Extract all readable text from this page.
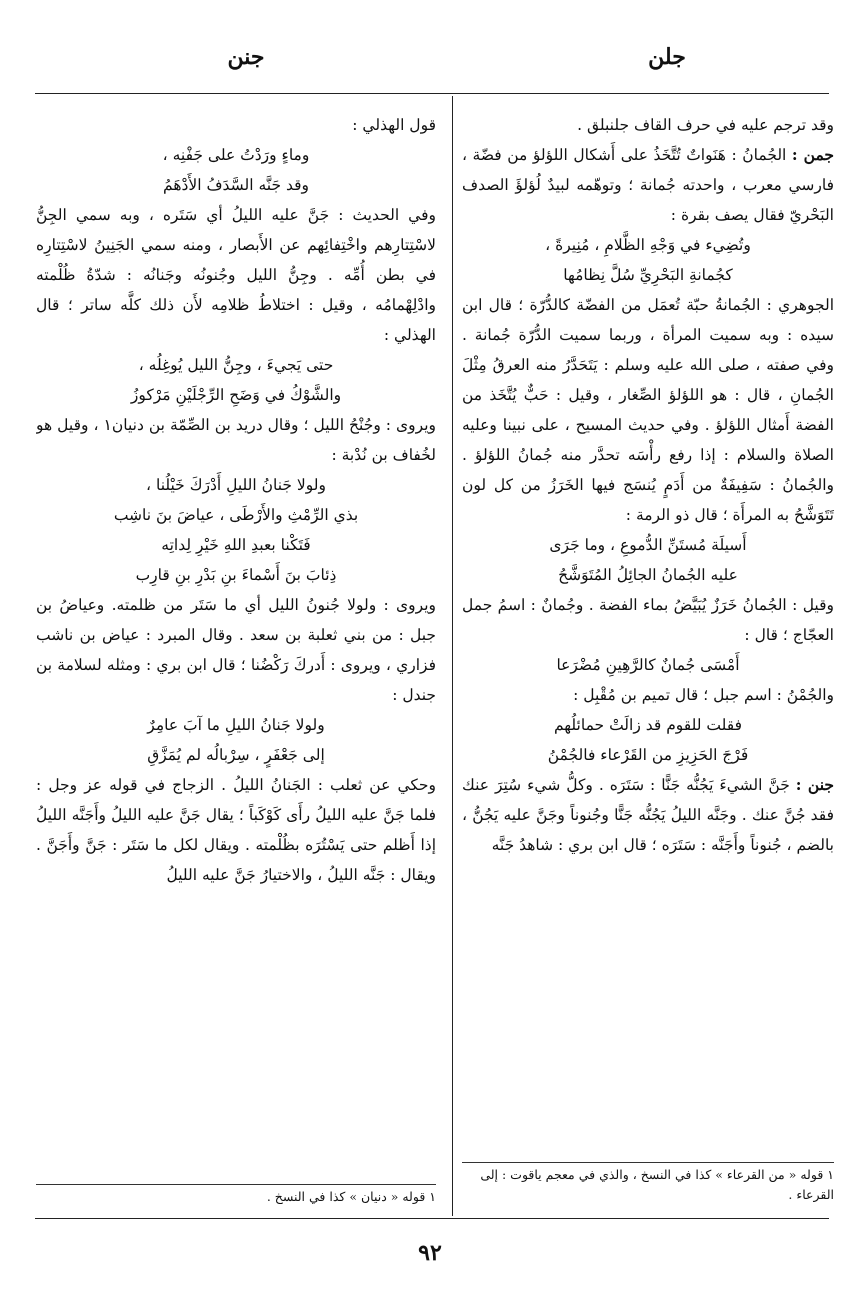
جلن
جنن

وقد ترجم عليه في حرف القاف جلنبلق .

جمن : الجُمانُ : هَنَواتٌ تُتَّخَذُ على أَشكال اللؤلؤ من فضّة ، فارسي معرب ، واحدته جُمانة ؛ وتوهّمه لبيدٌ لُؤلؤَ الصدف البَحْريّ فقال يصف بقرة :

وتُضِيء في وَجْهِ الظَّلامِ ، مُنِيرةً ،

كجُمانةِ البَحْرِيِّ سُلَّ نِظامُها

الجوهري : الجُمانةُ حبّة تُعمَل من الفضّة كالدُّرّة ؛ قال ابن سيده : وبه سميت المرأة ، وربما سميت الدُّرّة جُمانة . وفي صفته ، صلى الله عليه وسلم : يَتَحَدَّرُ منه العرقُ مِثْلَ الجُمانِ ، قال : هو اللؤلؤ الصِّغار ، وقيل : حَبٌّ يُتَّخَذ من الفضة أَمثال اللؤلؤ . وفي حديث المسيح ، على نبينا وعليه الصلاة والسلام : إذا رفع رأْسَه تحدَّر منه جُمانُ اللؤلؤ . والجُمانُ : سَفِيفَةٌ من أَدَمٍ يُنسَج فيها الخَرَزُ من كل لون تَتَوَشَّحُ به المرأَة ؛ قال ذو الرمة :

أَسيلَة مُستَنِّ الدُّموعِ ، وما جَرَى

عليه الجُمانُ الجائِلُ المُتَوَشَّحُ

وقيل : الجُمانُ خَرَزٌ يُبَيَّضُ بماء الفضة . وجُمانٌ : اسمُ جمل العجّاج ؛ قال :

أَمْسَى جُمانٌ كالرَّهِينِ مُضْرَعا

والجُمْنُ : اسم جبل ؛ قال تميم بن مُقْبِل :

فقلت للقوم قد زالَتْ حمائلُهم

فَرْجَ الحَزِيزِ من القَرْعاء فالجُمْنُ

جنن : جَنَّ الشيءَ يَجُنُّه جَنًّا : سَتَرَه . وكلُّ شيء سُتِرَ عنك فقد جُنَّ عنك . وجَنَّه الليلُ يَجُنُّه جَنًّا وجُنوناً وجَنَّ عليه يَجُنُّ ، بالضم ، جُنوناً وأَجَنَّه : سَتَرَه ؛ قال ابن بري : شاهدُ جَنَّه

١ قوله « من القرعاء » كذا في النسخ ، والذي في معجم ياقوت : إلى القرعاء .

قول الهذلي :

وماءٍ ورَدْتُ على جَفْنِه ،

وقد جَنَّه السَّدَفُ الأَدْهَمُ

وفي الحديث : جَنَّ عليه الليلُ أي سَتَره ، وبه سمي الجِنُّ لاسْتِتارِهم واخْتِفائِهم عن الأَبصار ، ومنه سمي الجَنِينُ لاسْتِتارِه في بطن أُمِّه . وجِنُّ الليل وجُنونُه وجَنانُه : شدّةُ ظُلْمته وادْلِهْمامُه ، وقيل : اختلاطُ ظلامِه لأَن ذلك كلَّه ساتر ؛ قال الهذلي :

حتى يَجيءَ ، وجِنُّ الليل يُوغِلُه ،

والشَّوْكُ في وَضَحِ الرِّجْلَيْنِ مَرْكوزُ

ويروى : وجُنْحُ الليل ؛ وقال دريد بن الصِّمّة بن دنيان١ ، وقيل هو لخُفاف بن نُدْبة :

ولولا جَنانُ الليلِ أَدْرَكَ خَيْلُنا ،

بذي الرِّمْثِ والأَرْطَى ، عياضَ بنَ ناشِب

فَتَكْنا بعبدِ اللهِ خَيْرِ لِداتِه

ذِئابَ بنَ أَسْماءَ بنِ بَدْرِ بنِ قارِب

ويروى : ولولا جُنونُ الليل أي ما سَتَر من ظلمته. وعياضُ بن جبل : من بني ثعلبة بن سعد . وقال المبرد : عياض بن ناشب فزاري ، ويروى : أَدركَ رَكْضُنا ؛ قال ابن بري : ومثله لسلامة بن جندل :

ولولا جَنانُ الليلِ ما آبَ عامِرٌ

إلى جَعْفَرٍ ، سِرْبالُه لم يُمَزَّقِ

وحكي عن ثعلب : الجَنانُ الليلُ . الزجاج في قوله عز وجل : فلما جَنَّ عليه الليلُ رأَى كَوْكَباً ؛ يقال جَنَّ عليه الليلُ وأَجَنَّه الليلُ إذا أَظلم حتى يَسْتُرَه بظُلْمته . ويقال لكل ما سَتَر : جَنَّ وأَجَنَّ . ويقال : جَنَّه الليلُ ، والاختيارُ جَنَّ عليه الليلُ

١ قوله « دنيان » كذا في النسخ .
٩٢
